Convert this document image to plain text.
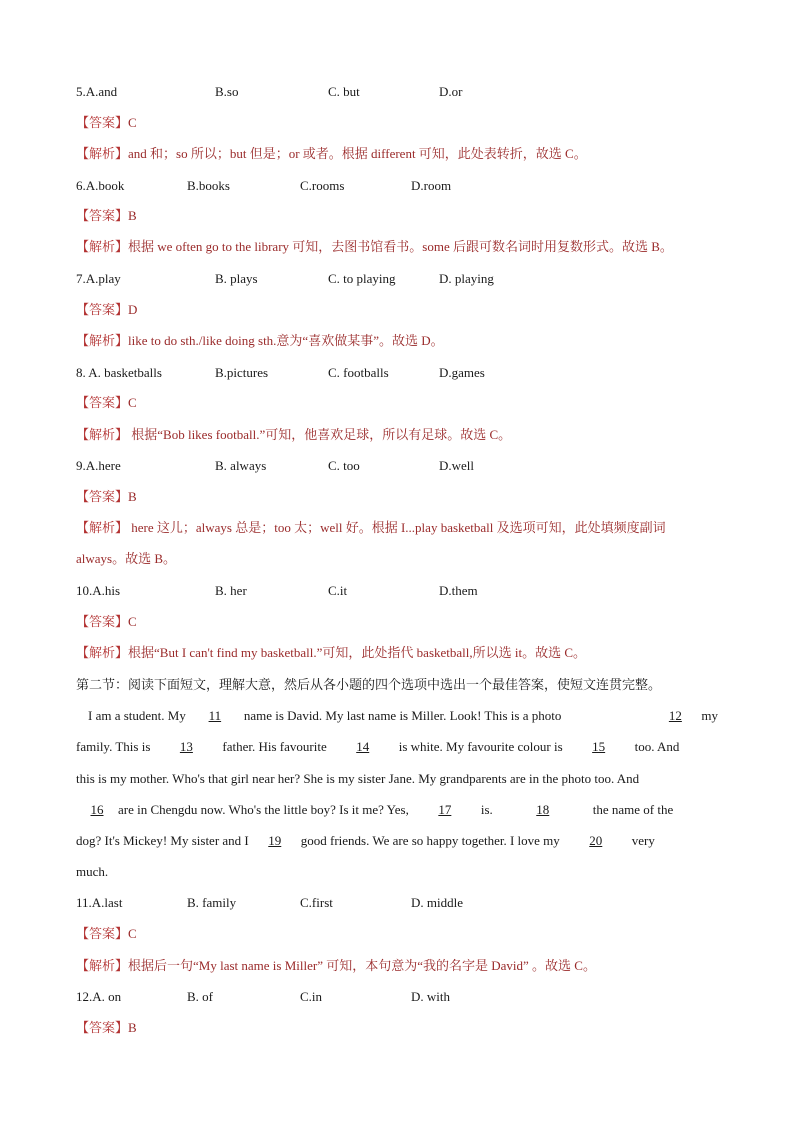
5.A.and	B.so	C. but	D.or
【答案】C
【解析】and 和；so 所以；but 但是；or 或者。根据 different 可知，此处表转折，故选 C。
6.A.book	B.books	C.rooms	D.room
【答案】B
【解析】根据 we often go to the library 可知，去图书馆看书。some 后跟可数名词时用复数形式。故选 B。
7.A.play	B. plays	C. to playing	D. playing
【答案】D
【解析】like to do sth./like doing sth.意为“喜欢做某事”。故选 D。
8. A. basketballs	B.pictures	C. footballs	D.games
【答案】C
【解析】 根据“Bob likes football.”可知，他喜欢足球，所以有足球。故选 C。
9.A.here	B. always	C. too	D.well
【答案】B
【解析】 here 这儿；always 总是；too 太；well 好。根据 I...play basketball 及选项可知，此处填频度副词
always。故选 B。
10.A.his	B. her	C.it	D.them
【答案】C
【解析】根据“But I can't find my basketball.”可知，此处指代 basketball,所以选 it。故选 C。
第二节：阅读下面短文，理解大意，然后从各小题的四个选项中选出一个最佳答案，使短文连贯完整。
I am a student. My 11 name is David. My last name is Miller. Look! This is a photo	12 my
family. This is 13 father. His favourite 14 is white. My favourite colour is 15 too. And
this is my mother. Who's that girl near her? She is my sister Jane. My grandparents are in the photo too. And
16 are in Chengdu now. Who's the little boy? Is it me? Yes, 17 is.	18	the name of the
dog? It's Mickey! My sister and I 19 good friends. We are so happy together. I love my 20 very
much.
11.A.last	B. family	C.first	D. middle
【答案】C
【解析】根据后一句“My last name is Miller” 可知，本句意为“我的名字是 David” 。故选 C。
12.A. on	B. of	C.in	D. with
【答案】B
